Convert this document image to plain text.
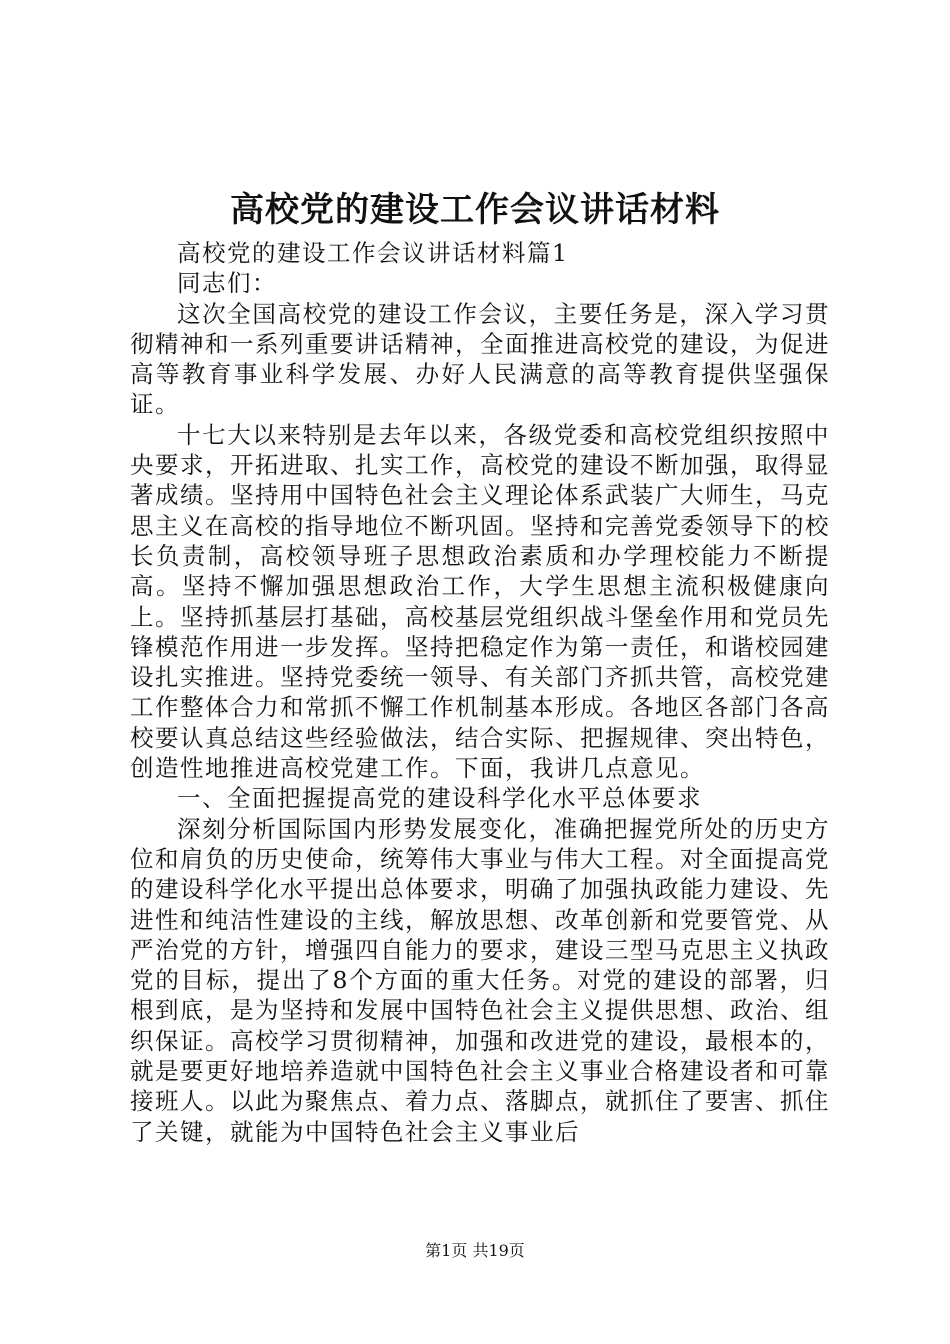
高校党的建设工作会议讲话材料

高校党的建设工作会议讲话材料篇1

同志们：

这次全国高校党的建设工作会议，主要任务是，深入学习贯彻精神和一系列重要讲话精神，全面推进高校党的建设，为促进高等教育事业科学发展、办好人民满意的高等教育提供坚强保证。

十七大以来特别是去年以来，各级党委和高校党组织按照中央要求，开拓进取、扎实工作，高校党的建设不断加强，取得显著成绩。坚持用中国特色社会主义理论体系武装广大师生，马克思主义在高校的指导地位不断巩固。坚持和完善党委领导下的校长负责制，高校领导班子思想政治素质和办学理校能力不断提高。坚持不懈加强思想政治工作，大学生思想主流积极健康向上。坚持抓基层打基础，高校基层党组织战斗堡垒作用和党员先锋模范作用进一步发挥。坚持把稳定作为第一责任，和谐校园建设扎实推进。坚持党委统一领导、有关部门齐抓共管，高校党建工作整体合力和常抓不懈工作机制基本形成。各地区各部门各高校要认真总结这些经验做法，结合实际、把握规律、突出特色，创造性地推进高校党建工作。下面，我讲几点意见。

一、全面把握提高党的建设科学化水平总体要求

深刻分析国际国内形势发展变化，准确把握党所处的历史方位和肩负的历史使命，统筹伟大事业与伟大工程。对全面提高党的建设科学化水平提出总体要求，明确了加强执政能力建设、先进性和纯洁性建设的主线，解放思想、改革创新和党要管党、从严治党的方针，增强四自能力的要求，建设三型马克思主义执政党的目标，提出了8个方面的重大任务。对党的建设的部署，归根到底，是为坚持和发展中国特色社会主义提供思想、政治、组织保证。高校学习贯彻精神，加强和改进党的建设，最根本的，就是要更好地培养造就中国特色社会主义事业合格建设者和可靠接班人。以此为聚焦点、着力点、落脚点，就抓住了要害、抓住了关键，就能为中国特色社会主义事业后

第1页 共19页
